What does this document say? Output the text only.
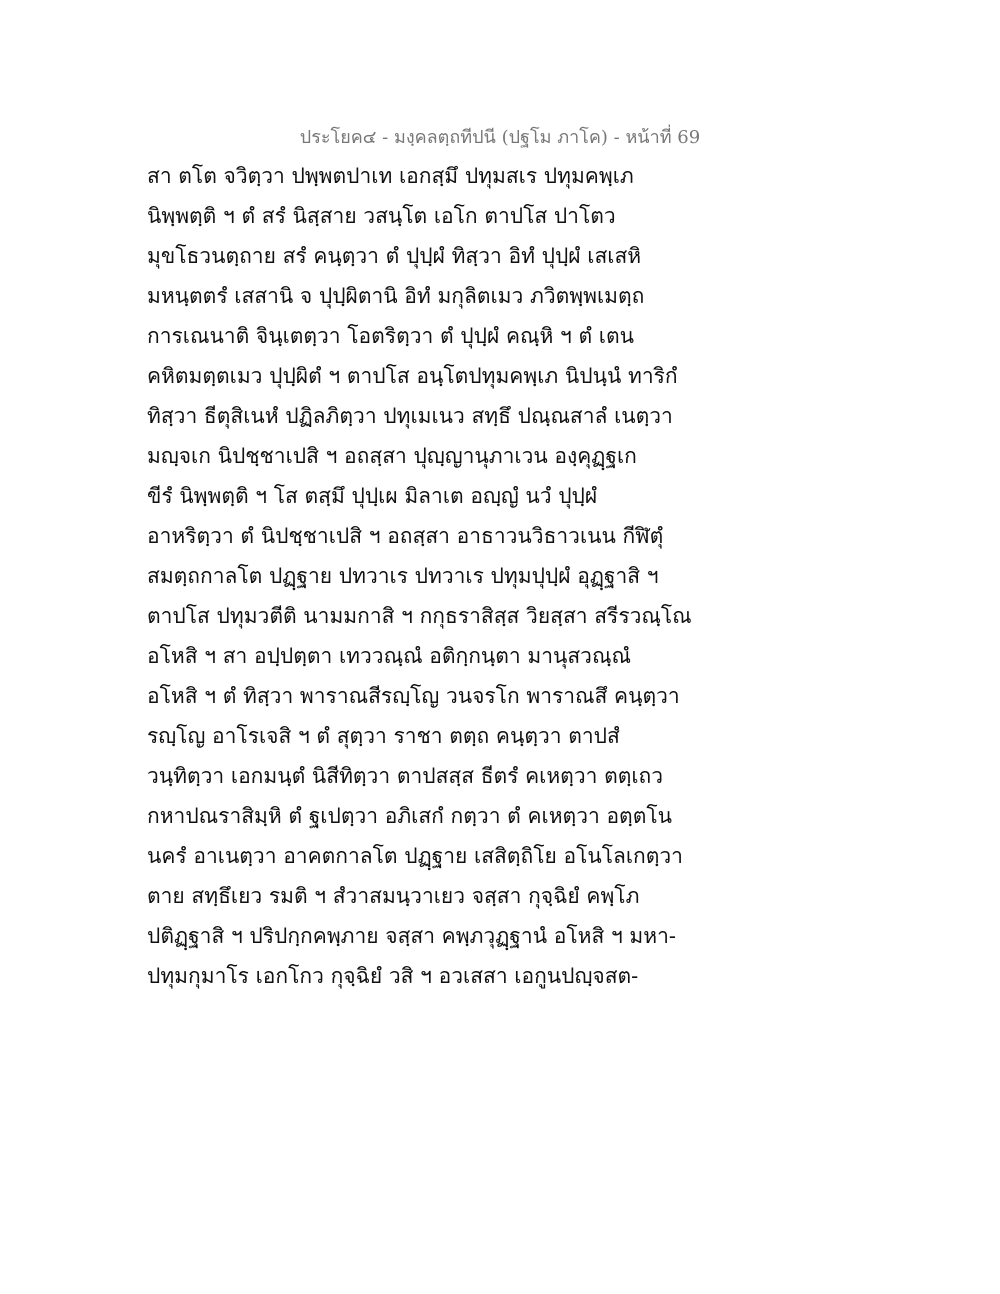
ประโยค๔ - มงฺคลตฺถทีปนี (ปฐโม ภาโค) - หน้าที่ 69
สา ตโต จวิตฺวา ปพฺพตปาเท เอกสฺมึ ปทุมสเร ปทุมคพฺเภ
นิพฺพตฺติ ฯ ตํ สรํ นิสฺสาย วสนฺโต เอโก ตาปโส ปาโตว
มุขโธวนตฺถาย สรํ คนฺตฺวา ตํ ปุปฺผํ ทิสฺวา อิทํ ปุปฺผํ เสเสหิ
มหนฺตตรํ เสสานิ จ ปุปฺผิตานิ อิทํ มกุลิตเมว ภวิตพฺพเมตฺถ
การเณนาติ จินฺเตตฺวา โอตริตฺวา ตํ ปุปฺผํ คณฺหิ ฯ ตํ เตน
คหิตมตฺตเมว ปุปฺผิตํ ฯ ตาปโส อนฺโตปทุมคพฺเภ นิปนฺนํ ทาริกํ
ทิสฺวา ธีตุสิเนหํ ปฏิลภิตฺวา ปทุเมเนว สทฺธึ ปณฺณสาลํ เนตฺวา
มญฺจเก นิปชฺชาเปสิ ฯ อถสฺสา ปุญฺญานุภาเวน องฺคุฏฺฐเก
ขีรํ นิพฺพตฺติ ฯ โส ตสฺมึ ปุปฺเผ มิลาเต อญฺญํ นวํ ปุปฺผํ
อาหริตฺวา ตํ นิปชฺชาเปสิ ฯ อถสฺสา อาธาวนวิธาวเนน กีฬิตุํ
สมตฺถกาลโต ปฏฺฐาย ปทวาเร ปทวาเร ปทุมปุปฺผํ อุฏฺฐาสิ ฯ
ตาปโส ปทุมวตีติ นามมกาสิ ฯ กกุธราสิสฺส วิยสฺสา สรีรวณฺโณ
อโหสิ ฯ สา อปฺปตฺตา เทววณฺณํ อติกฺกนฺตา มานุสวณฺณํ
อโหสิ ฯ ตํ ทิสฺวา พาราณสีรญฺโญ วนจรโก พาราณสึ คนฺตฺวา
รญฺโญ อาโรเจสิ ฯ ตํ สุตฺวา ราชา ตตฺถ คนฺตฺวา ตาปสํ
วนฺทิตฺวา เอกมนฺตํ นิสีทิตฺวา ตาปสสฺส ธีตรํ คเหตฺวา ตตฺเถว
กหาปณราสิมฺหิ ตํ ฐเปตฺวา อภิเสกํ กตฺวา ตํ คเหตฺวา อตฺตโน
นครํ อาเนตฺวา อาคตกาลโต ปฏฺฐาย เสสิตฺถิโย อโนโลเกตฺวา
ตาย สทฺธึเยว รมติ ฯ สํวาสมนฺวาเยว จสฺสา กุจฺฉิยํ คพฺโภ
ปติฏฺฐาสิ ฯ ปริปกฺกคพฺภาย จสฺสา คพฺภวุฏฺฐานํ อโหสิ ฯ มหา-
ปทุมกุมาโร เอกโกว กุจฺฉิยํ วสิ ฯ อวเสสา เอกูนปญฺจสต-
